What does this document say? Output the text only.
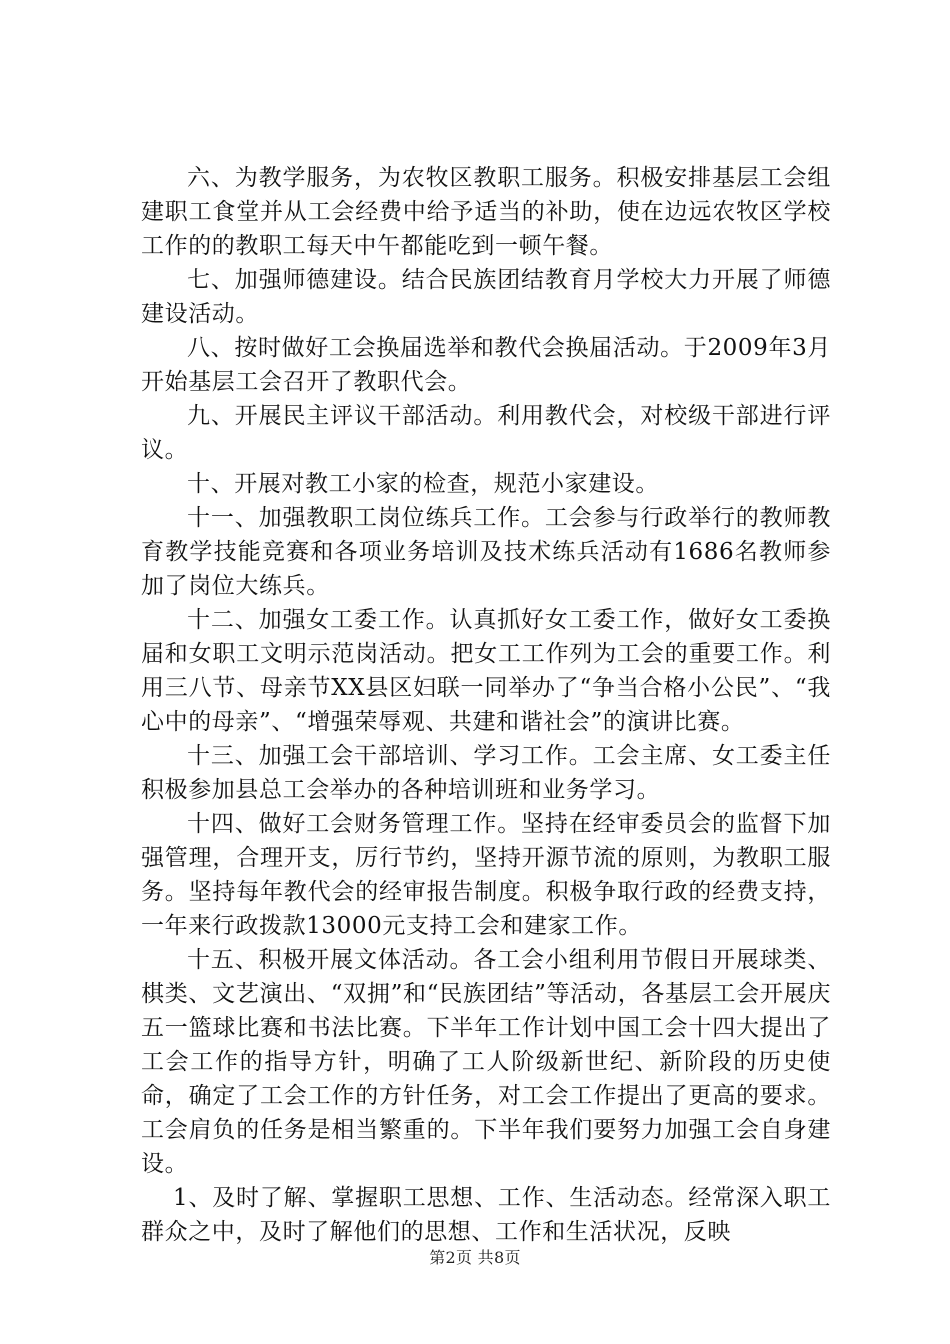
六、为教学服务，为农牧区教职工服务。积极安排基层工会组建职工食堂并从工会经费中给予适当的补助，使在边远农牧区学校工作的的教职工每天中午都能吃到一顿午餐。

七、加强师德建设。结合民族团结教育月学校大力开展了师德建设活动。

八、按时做好工会换届选举和教代会换届活动。于2009年3月开始基层工会召开了教职代会。

九、开展民主评议干部活动。利用教代会，对校级干部进行评议。

十、开展对教工小家的检查，规范小家建设。

十一、加强教职工岗位练兵工作。工会参与行政举行的教师教育教学技能竞赛和各项业务培训及技术练兵活动有1686名教师参加了岗位大练兵。

十二、加强女工委工作。认真抓好女工委工作，做好女工委换届和女职工文明示范岗活动。把女工工作列为工会的重要工作。利用三八节、母亲节XX县区妇联一同举办了“争当合格小公民”、“我心中的母亲”、“增强荣辱观、共建和谐社会”的演讲比赛。

十三、加强工会干部培训、学习工作。工会主席、女工委主任积极参加县总工会举办的各种培训班和业务学习。

十四、做好工会财务管理工作。坚持在经审委员会的监督下加强管理，合理开支，厉行节约，坚持开源节流的原则，为教职工服务。坚持每年教代会的经审报告制度。积极争取行政的经费支持，一年来行政拨款13000元支持工会和建家工作。

十五、积极开展文体活动。各工会小组利用节假日开展球类、棋类、文艺演出、“双拥”和“民族团结”等活动，各基层工会开展庆五一篮球比赛和书法比赛。下半年工作计划中国工会十四大提出了工会工作的指导方针，明确了工人阶级新世纪、新阶段的历史使命，确定了工会工作的方针任务，对工会工作提出了更高的要求。工会肩负的任务是相当繁重的。下半年我们要努力加强工会自身建设。

1、及时了解、掌握职工思想、工作、生活动态。经常深入职工群众之中，及时了解他们的思想、工作和生活状况，反映

第2页 共8页
